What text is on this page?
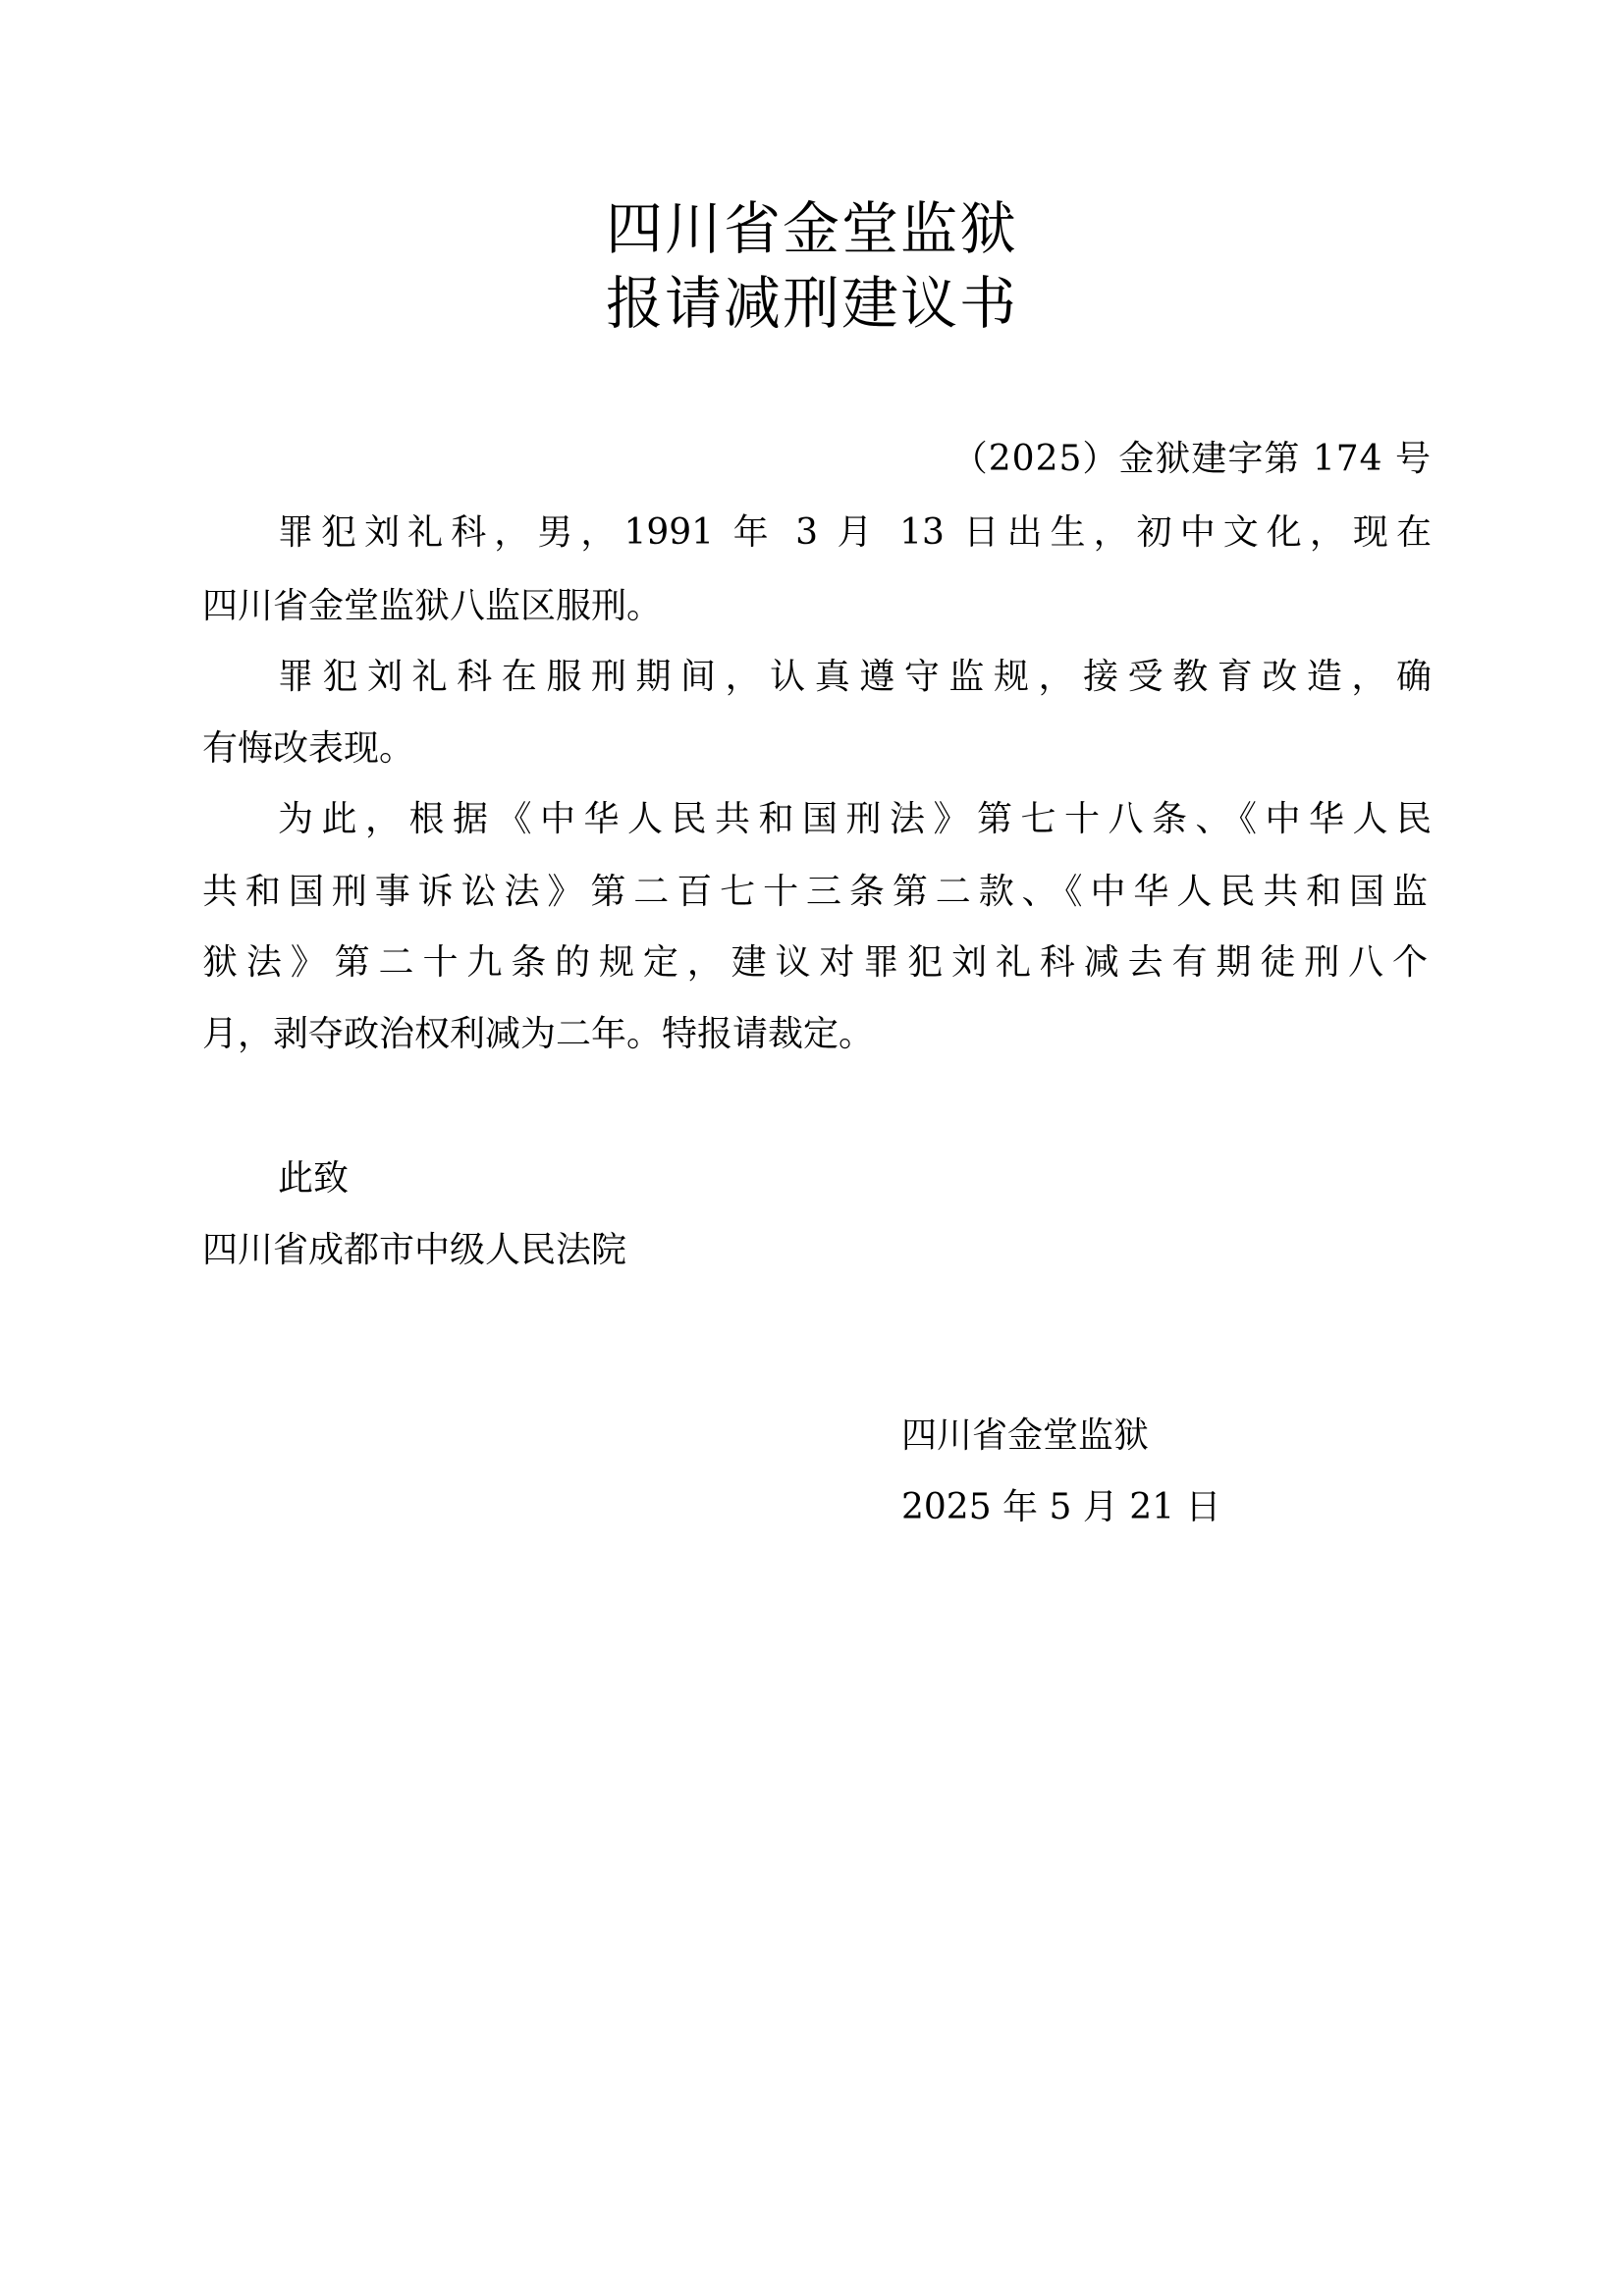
四川省金堂监狱
报请减刑建议书
（2025）金狱建字第 174 号
罪犯刘礼科，男，1991 年 3 月 13 日出生，初中文化，现在
四川省金堂监狱八监区服刑。
罪犯刘礼科在服刑期间，认真遵守监规，接受教育改造，确
有悔改表现。
为此，根据《中华人民共和国刑法》第七十八条、《中华人民
共和国刑事诉讼法》第二百七十三条第二款、《中华人民共和国监
狱法》第二十九条的规定，建议对罪犯刘礼科减去有期徒刑八个
月，剥夺政治权利减为二年。特报请裁定。
此致
四川省成都市中级人民法院
四川省金堂监狱
2025 年 5 月 21 日
